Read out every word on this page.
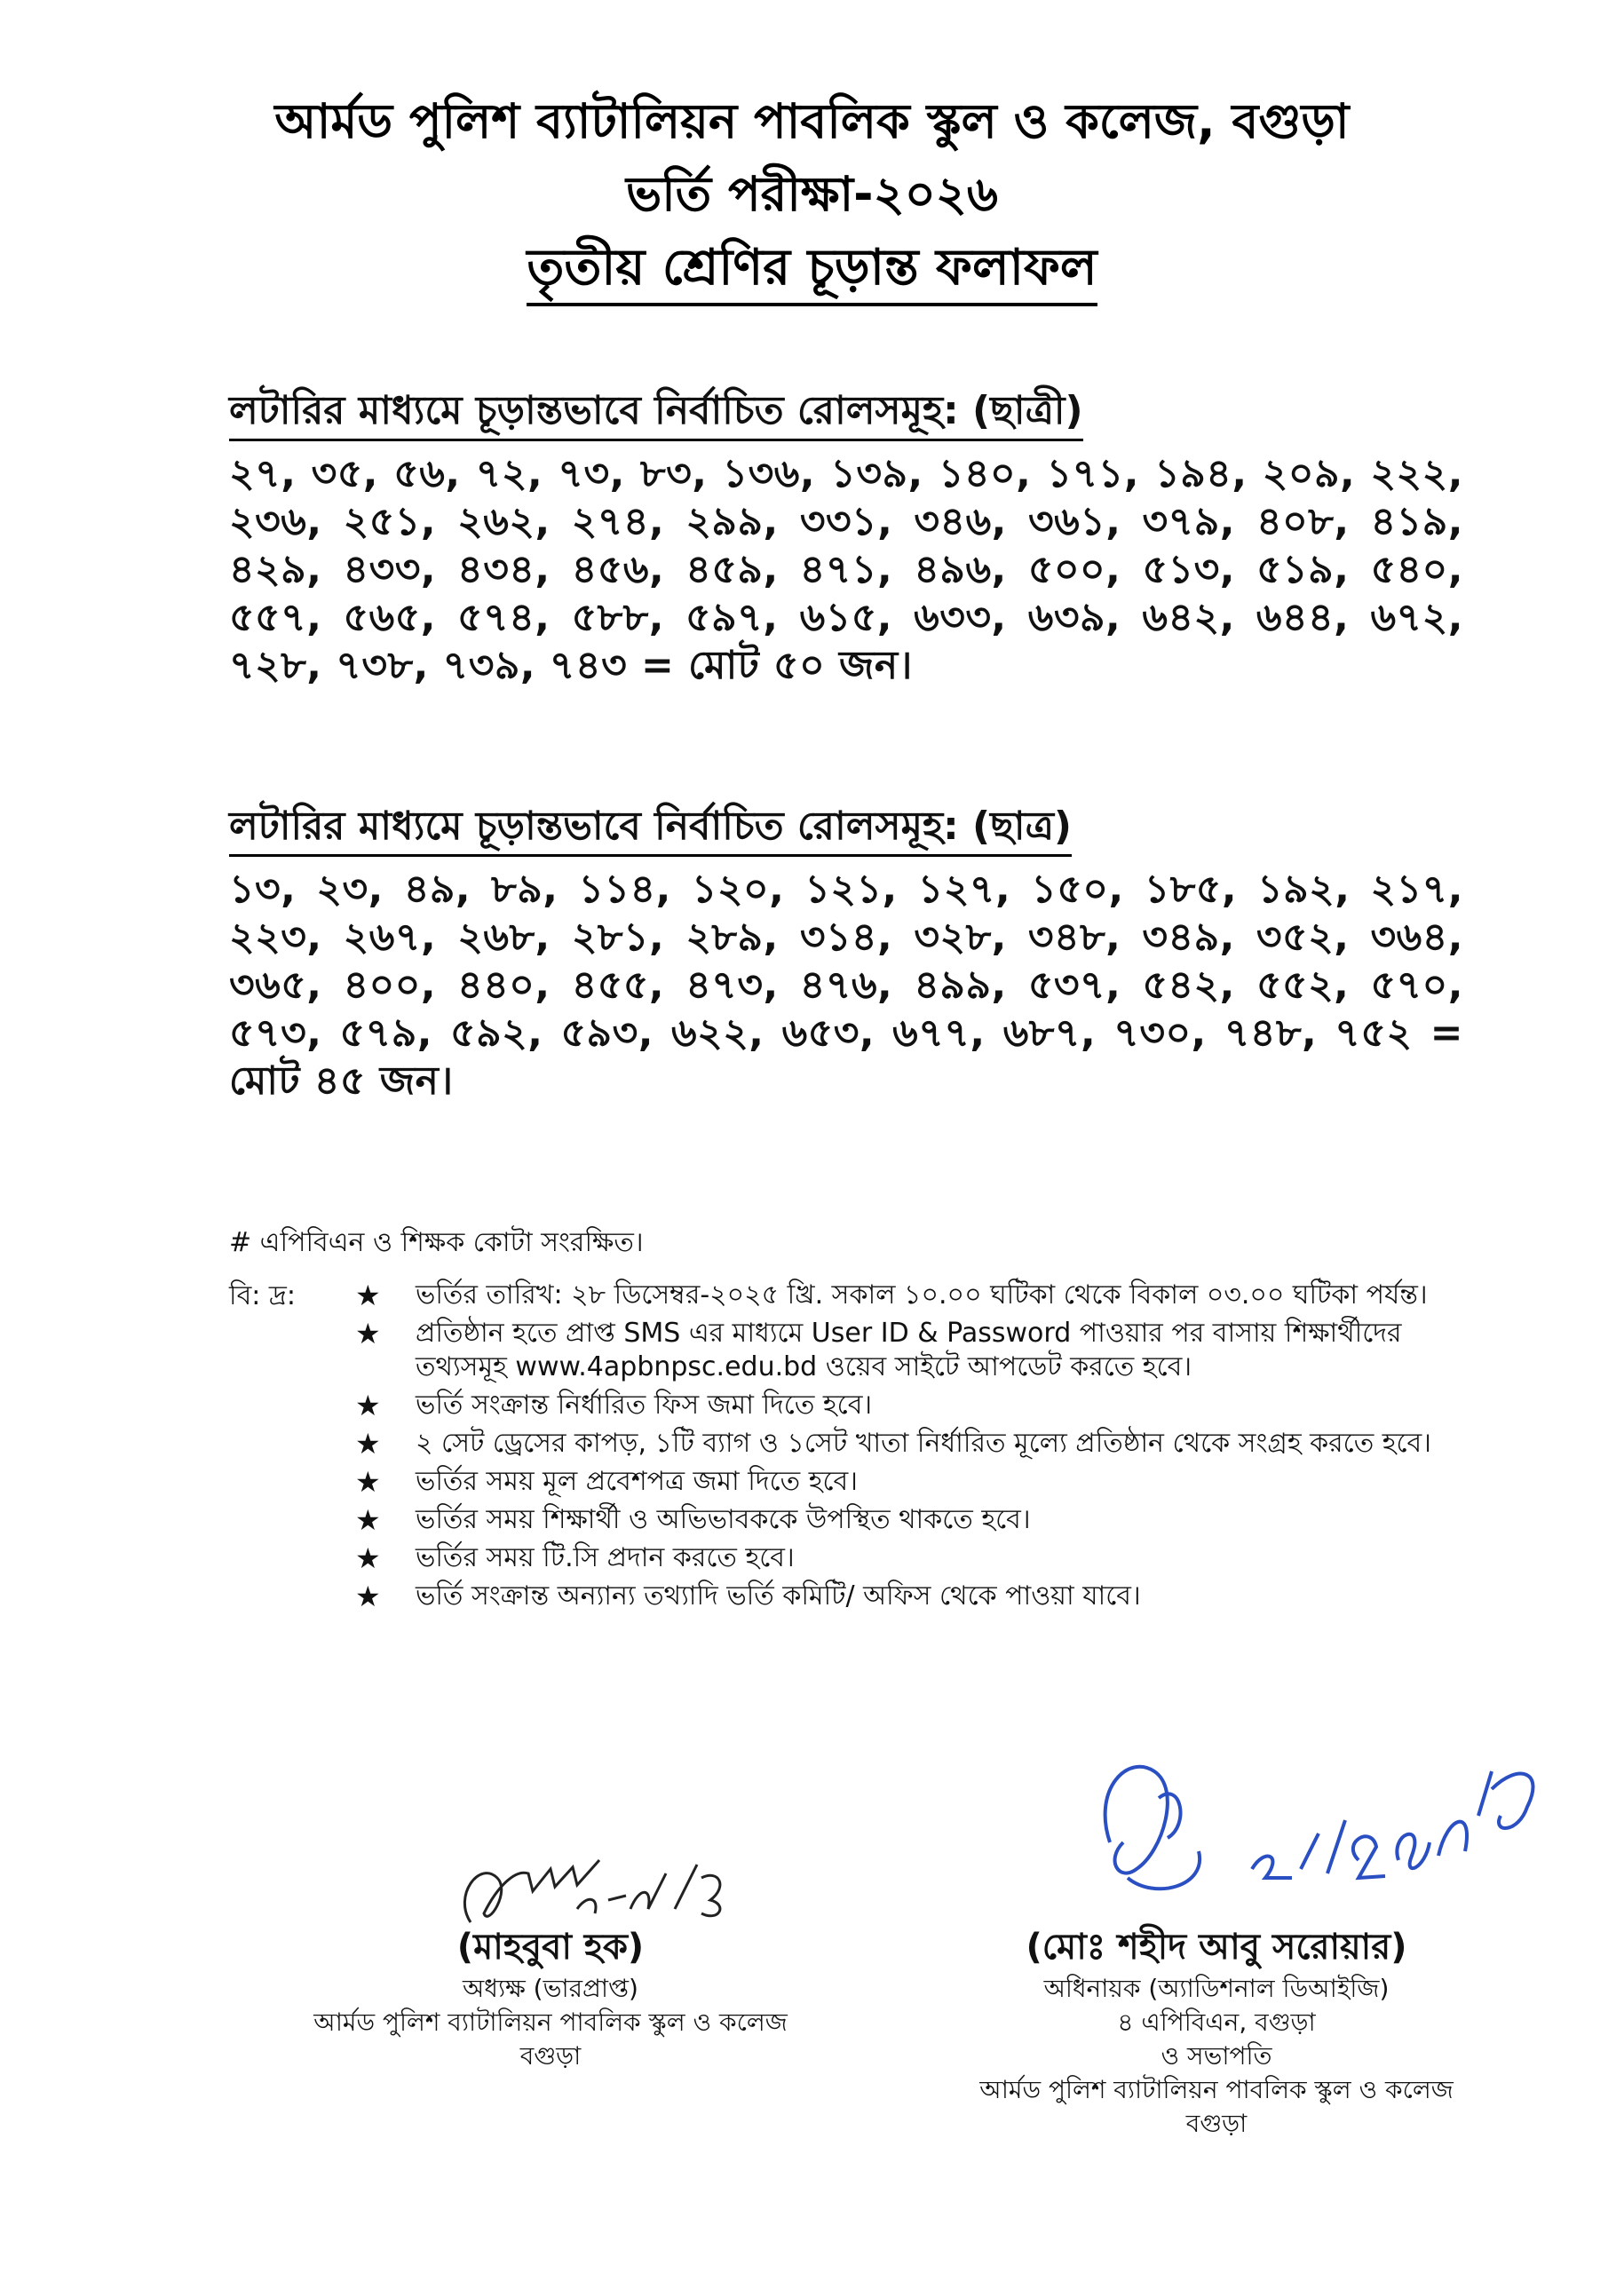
আর্মড পুলিশ ব্যাটালিয়ন পাবলিক স্কুল ও কলেজ, বগুড়া
ভর্তি পরীক্ষা-২০২৬
তৃতীয় শ্রেণির চূড়ান্ত ফলাফল
লটারির মাধ্যমে চূড়ান্তভাবে নির্বাচিত রোলসমূহ: (ছাত্রী)
২৭, ৩৫, ৫৬, ৭২, ৭৩, ৮৩, ১৩৬, ১৩৯, ১৪০, ১৭১, ১৯৪, ২০৯, ২২২, ২৩৬, ২৫১, ২৬২, ২৭৪, ২৯৯, ৩৩১, ৩৪৬, ৩৬১, ৩৭৯, ৪০৮, ৪১৯, ৪২৯, ৪৩৩, ৪৩৪, ৪৫৬, ৪৫৯, ৪৭১, ৪৯৬, ৫০০, ৫১৩, ৫১৯, ৫৪০, ৫৫৭, ৫৬৫, ৫৭৪, ৫৮৮, ৫৯৭, ৬১৫, ৬৩৩, ৬৩৯, ৬৪২, ৬৪৪, ৬৭২, ৭২৮, ৭৩৮, ৭৩৯, ৭৪৩ = মোট ৫০ জন।
লটারির মাধ্যমে চূড়ান্তভাবে নির্বাচিত রোলসমূহ: (ছাত্র)
১৩, ২৩, ৪৯, ৮৯, ১১৪, ১২০, ১২১, ১২৭, ১৫০, ১৮৫, ১৯২, ২১৭, ২২৩, ২৬৭, ২৬৮, ২৮১, ২৮৯, ৩১৪, ৩২৮, ৩৪৮, ৩৪৯, ৩৫২, ৩৬৪, ৩৬৫, ৪০০, ৪৪০, ৪৫৫, ৪৭৩, ৪৭৬, ৪৯৯, ৫৩৭, ৫৪২, ৫৫২, ৫৭০, ৫৭৩, ৫৭৯, ৫৯২, ৫৯৩, ৬২২, ৬৫৩, ৬৭৭, ৬৮৭, ৭৩০, ৭৪৮, ৭৫২ = মোট ৪৫ জন।
# এপিবিএন ও শিক্ষক কোটা সংরক্ষিত।
বি: দ্র: ★ ভর্তির তারিখ: ২৮ ডিসেম্বর-২০২৫ খ্রি. সকাল ১০.০০ ঘটিকা থেকে বিকাল ০৩.০০ ঘটিকা পর্যন্ত।
★ প্রতিষ্ঠান হতে প্রাপ্ত SMS এর মাধ্যমে User ID & Password পাওয়ার পর বাসায় শিক্ষার্থীদের তথ্যসমূহ www.4apbnpsc.edu.bd ওয়েব সাইটে আপডেট করতে হবে।
★ ভর্তি সংক্রান্ত নির্ধারিত ফিস জমা দিতে হবে।
★ ২ সেট ড্রেসের কাপড়, ১টি ব্যাগ ও ১সেট খাতা নির্ধারিত মূল্যে প্রতিষ্ঠান থেকে সংগ্রহ করতে হবে।
★ ভর্তির সময় মূল প্রবেশপত্র জমা দিতে হবে।
★ ভর্তির সময় শিক্ষার্থী ও অভিভাবককে উপস্থিত থাকতে হবে।
★ ভর্তির সময় টি.সি প্রদান করতে হবে।
★ ভর্তি সংক্রান্ত অন্যান্য তথ্যাদি ভর্তি কমিটি/ অফিস থেকে পাওয়া যাবে।
(মাহবুবা হক)
অধ্যক্ষ (ভারপ্রাপ্ত)
আর্মড পুলিশ ব্যাটালিয়ন পাবলিক স্কুল ও কলেজ
বগুড়া
(মোঃ শহীদ আবু সরোয়ার)
অধিনায়ক (অ্যাডিশনাল ডিআইজি)
৪ এপিবিএন, বগুড়া
ও সভাপতি
আর্মড পুলিশ ব্যাটালিয়ন পাবলিক স্কুল ও কলেজ
বগুড়া
